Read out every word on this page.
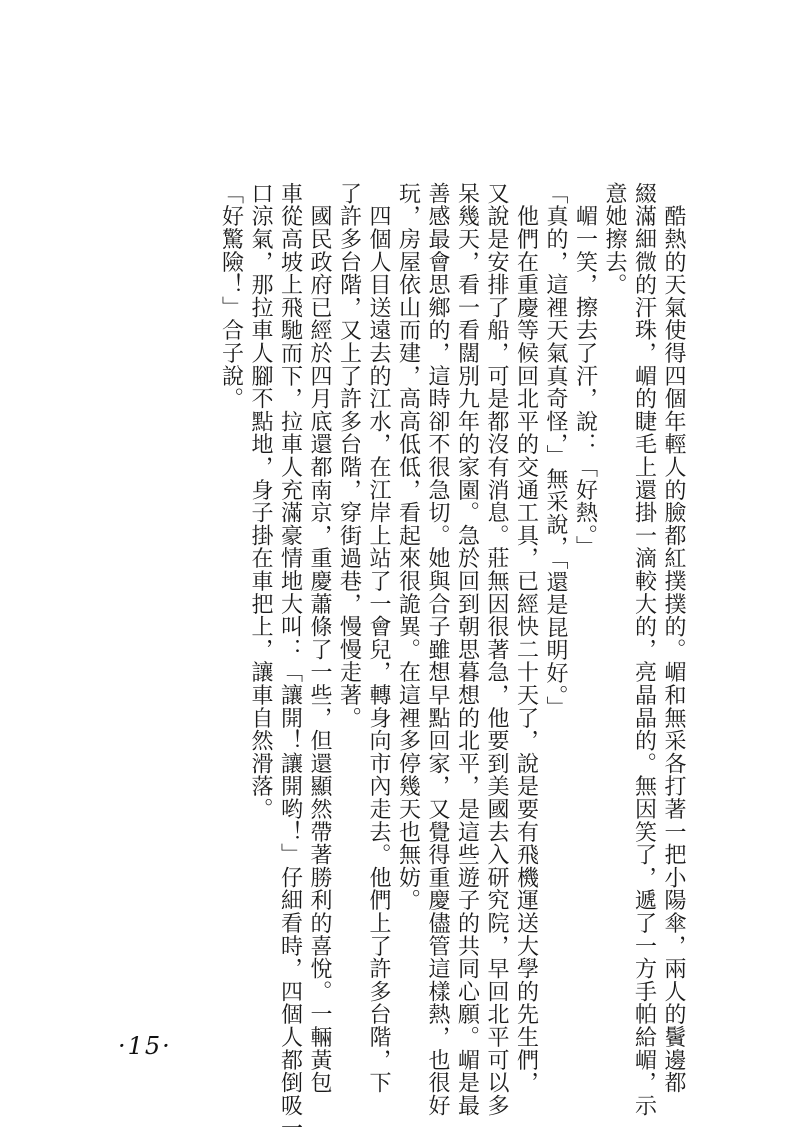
　酷熱的天氣使得四個年輕人的臉都紅撲撲的。嵋和無采各打著一把小陽傘，兩人的鬢邊都

綴滿細微的汗珠，嵋的睫毛上還掛一滴較大的，亮晶晶的。無因笑了，遞了一方手帕給嵋，示

意她擦去。

　嵋一笑，擦去了汗，說：「好熱。」

「真的，這裡天氣真奇怪，」無采說，「還是昆明好。」

　他們在重慶等候回北平的交通工具，已經快二十天了，說是要有飛機運送大學的先生們，

又說是安排了船，可是都沒有消息。莊無因很著急，他要到美國去入研究院，早回北平可以多

呆幾天，看一看闊別九年的家園。急於回到朝思暮想的北平，是這些遊子的共同心願。嵋是最

善感最會思鄉的，這時卻不很急切。她與合子雖想早點回家，又覺得重慶儘管這樣熱，也很好

玩，房屋依山而建，高高低低，看起來很詭異。在這裡多停幾天也無妨。

　四個人目送遠去的江水，在江岸上站了一會兒，轉身向市內走去。他們上了許多台階，下

了許多台階，又上了許多台階，穿街過巷，慢慢走著。

　國民政府已經於四月底還都南京，重慶蕭條了一些，但還顯然帶著勝利的喜悅。一輛黃包

車從高坡上飛馳而下，拉車人充滿豪情地大叫：「讓開！讓開哟！」仔細看時，四個人都倒吸一

口涼氣，那拉車人腳不點地，身子掛在車把上，讓車自然滑落。

「好驚險！」合子說。

·15·
